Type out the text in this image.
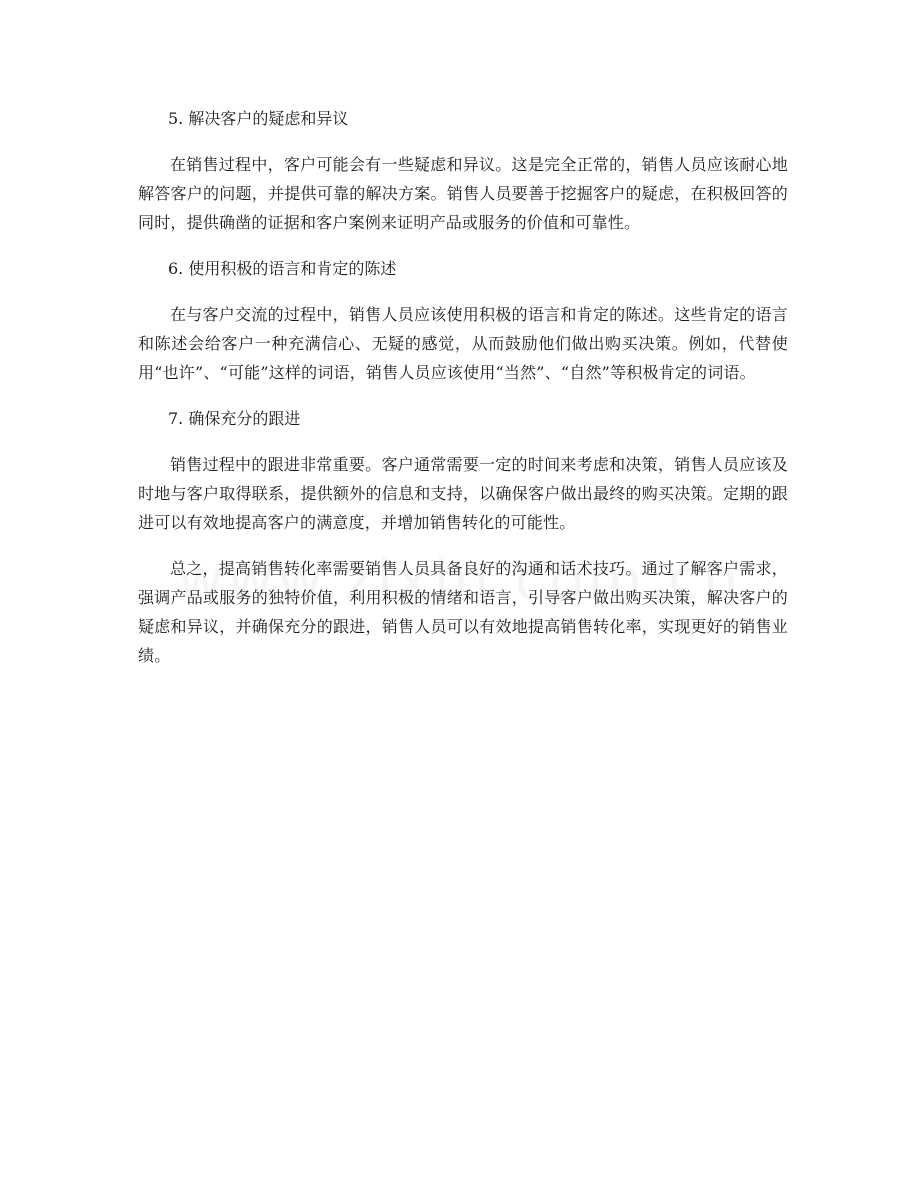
5. 解决客户的疑虑和异议

在销售过程中，客户可能会有一些疑虑和异议。这是完全正常的，销售人员应该耐心地解答客户的问题，并提供可靠的解决方案。销售人员要善于挖掘客户的疑虑，在积极回答的同时，提供确凿的证据和客户案例来证明产品或服务的价值和可靠性。

6. 使用积极的语言和肯定的陈述

在与客户交流的过程中，销售人员应该使用积极的语言和肯定的陈述。这些肯定的语言和陈述会给客户一种充满信心、无疑的感觉，从而鼓励他们做出购买决策。例如，代替使用“也许”、“可能”这样的词语，销售人员应该使用“当然”、“自然”等积极肯定的词语。

7. 确保充分的跟进

销售过程中的跟进非常重要。客户通常需要一定的时间来考虑和决策，销售人员应该及时地与客户取得联系，提供额外的信息和支持，以确保客户做出最终的购买决策。定期的跟进可以有效地提高客户的满意度，并增加销售转化的可能性。

总之，提高销售转化率需要销售人员具备良好的沟通和话术技巧。通过了解客户需求，强调产品或服务的独特价值，利用积极的情绪和语言，引导客户做出购买决策，解决客户的疑虑和异议，并确保充分的跟进，销售人员可以有效地提高销售转化率，实现更好的销售业绩。
